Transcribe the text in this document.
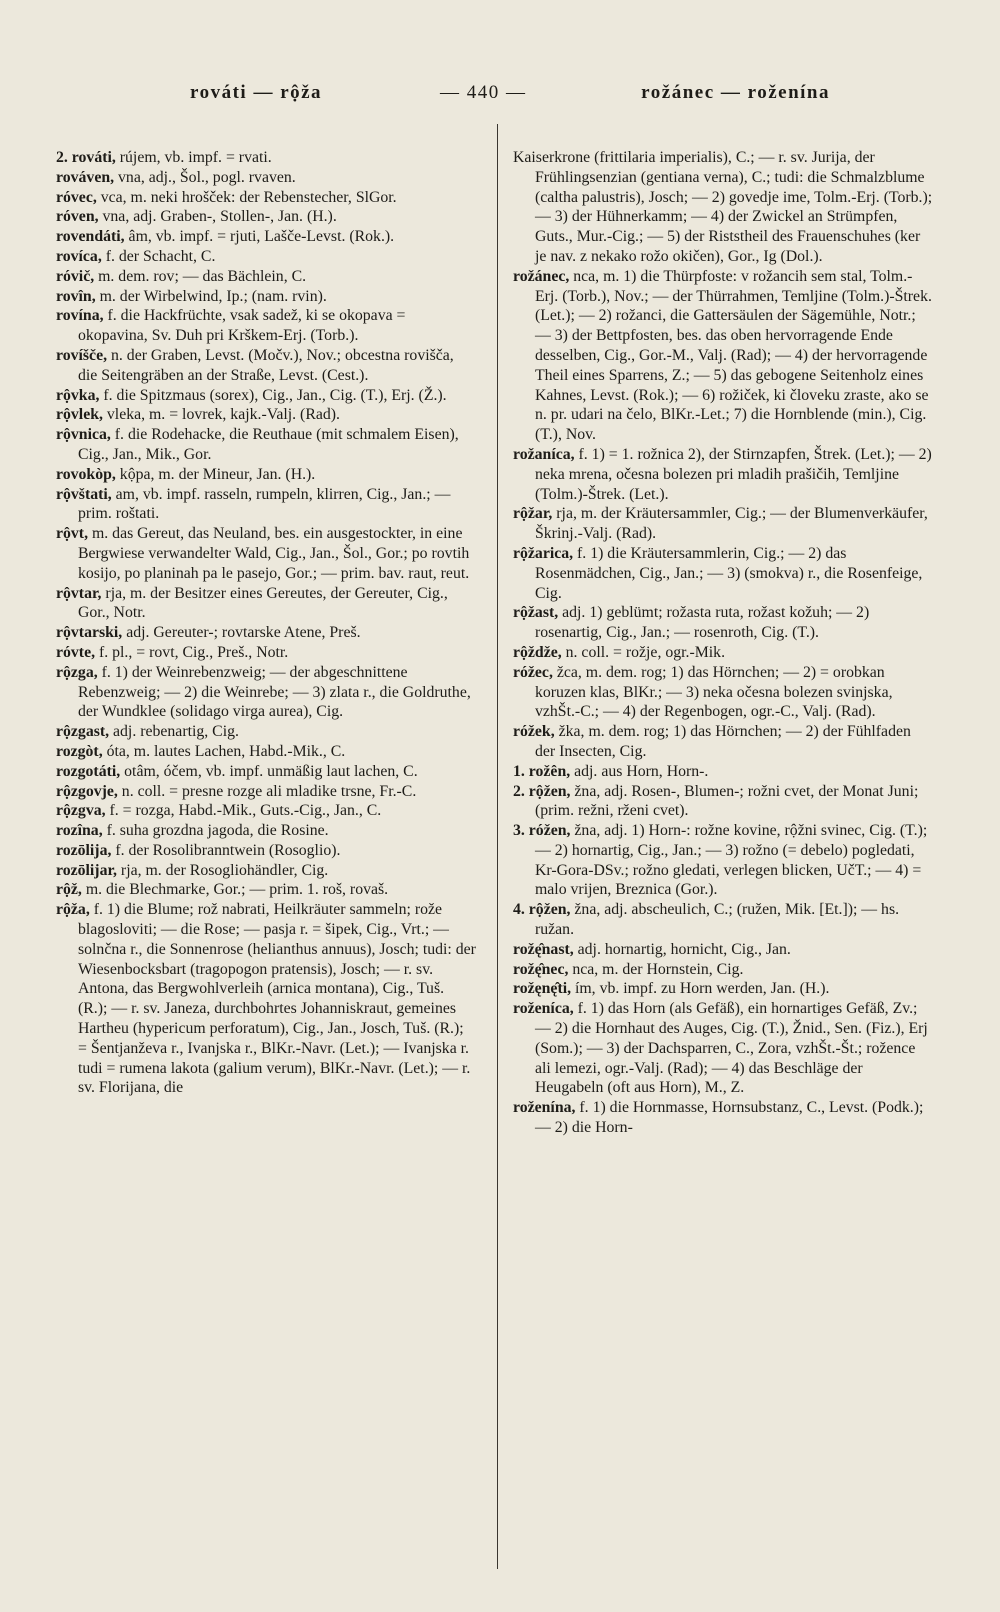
rováti — rộža	— 440 —	rožánec — roženína

2. rováti, rújem, vb. impf. = rvati.

rováven, vna, adj., Šol., pogl. rvaven.

róvec, vca, m. neki hrošček: der Rebenstecher, SlGor.

róven, vna, adj. Graben-, Stollen-, Jan. (H.).

rovendáti, âm, vb. impf. = rjuti, Lašče-Levst. (Rok.).

rovíca, f. der Schacht, C.

róvič, m. dem. rov; — das Bächlein, C.

rovîn, m. der Wirbelwind, Ip.; (nam. rvin).

rovína, f. die Hackfrüchte, vsak sadež, ki se okopava = okopavina, Sv. Duh pri Krškem-Erj. (Torb.).

rovíšče, n. der Graben, Levst. (Močv.), Nov.; obcestna rovišča, die Seitengräben an der Straße, Levst. (Cest.).

rộvka, f. die Spitzmaus (sorex), Cig., Jan., Cig. (T.), Erj. (Ž.).

rộvlek, vleka, m. = lovrek, kajk.-Valj. (Rad).

rộvnica, f. die Rodehacke, die Reuthaue (mit schmalem Eisen), Cig., Jan., Mik., Gor.

rovokòp, kộpa, m. der Mineur, Jan. (H.).

rộvštati, am, vb. impf. rasseln, rumpeln, klirren, Cig., Jan.; — prim. roštati.

rộvt, m. das Gereut, das Neuland, bes. ein ausgestockter, in eine Bergwiese verwandelter Wald, Cig., Jan., Šol., Gor.; po rovtih kosijo, po planinah pa le pasejo, Gor.; — prim. bav. raut, reut.

rộvtar, rja, m. der Besitzer eines Gereutes, der Gereuter, Cig., Gor., Notr.

rộvtarski, adj. Gereuter-; rovtarske Atene, Preš.

róvte, f. pl., = rovt, Cig., Preš., Notr.

rộzga, f. 1) der Weinrebenzweig; — der abgeschnittene Rebenzweig; — 2) die Weinrebe; — 3) zlata r., die Goldruthe, der Wundklee (solidago virga aurea), Cig.

rộzgast, adj. rebenartig, Cig.

rozgòt, óta, m. lautes Lachen, Habd.-Mik., C.

rozgotáti, otâm, óčem, vb. impf. unmäßig laut lachen, C.

rộzgovje, n. coll. = presne rozge ali mladike trsne, Fr.-C.

rộzgva, f. = rozga, Habd.-Mik., Guts.-Cig., Jan., C.

rozîna, f. suha grozdna jagoda, die Rosine.

rozōlija, f. der Rosolibranntwein (Rosoglio).

rozōlijar, rja, m. der Rosogliohändler, Cig.

rộž, m. die Blechmarke, Gor.; — prim. 1. roš, rovaš.

rộža, f. 1) die Blume; rož nabrati, Heilkräuter sammeln; rože blagosloviti; — die Rose; — pasja r. = šipek, Cig., Vrt.; — solnčna r., die Sonnenrose (helianthus annuus), Josch; tudi: der Wiesenbocksbart (tragopogon pratensis), Josch; — r. sv. Antona, das Bergwohlverleih (arnica montana), Cig., Tuš. (R.); — r. sv. Janeza, durchbohrtes Johanniskraut, gemeines Hartheu (hypericum perforatum), Cig., Jan., Josch, Tuš. (R.); = Šentjanževa r., Ivanjska r., BlKr.-Navr. (Let.); — Ivanjska r. tudi = rumena lakota (galium verum), BlKr.-Navr. (Let.); — r. sv. Florijana, die

Kaiserkrone (frittilaria imperialis), C.; — r. sv. Jurija, der Frühlingsenzian (gentiana verna), C.; tudi: die Schmalzblume (caltha palustris), Josch; — 2) govedje ime, Tolm.-Erj. (Torb.); — 3) der Hühnerkamm; — 4) der Zwickel an Strümpfen, Guts., Mur.-Cig.; — 5) der Riststheil des Frauenschuhes (ker je nav. z nekako rožo okičen), Gor., Ig (Dol.).

rožánec, nca, m. 1) die Thürpfoste: v rožancih sem stal, Tolm.-Erj. (Torb.), Nov.; — der Thürrahmen, Temljine (Tolm.)-Štrek. (Let.); — 2) rožanci, die Gattersäulen der Sägemühle, Notr.; — 3) der Bettpfosten, bes. das oben hervorragende Ende desselben, Cig., Gor.-M., Valj. (Rad); — 4) der hervorragende Theil eines Sparrens, Z.; — 5) das gebogene Seitenholz eines Kahnes, Levst. (Rok.); — 6) rožiček, ki človeku zraste, ako se n. pr. udari na čelo, BlKr.-Let.; 7) die Hornblende (min.), Cig. (T.), Nov.

rožaníca, f. 1) = 1. rožnica 2), der Stirnzapfen, Štrek. (Let.); — 2) neka mrena, očesna bolezen pri mladih prašičih, Temljine (Tolm.)-Štrek. (Let.).

rộžar, rja, m. der Kräutersammler, Cig.; — der Blumenverkäufer, Škrinj.-Valj. (Rad).

rộžarica, f. 1) die Kräutersammlerin, Cig.; — 2) das Rosenmädchen, Cig., Jan.; — 3) (smokva) r., die Rosenfeige, Cig.

rộžast, adj. 1) geblümt; rožasta ruta, rožast kožuh; — 2) rosenartig, Cig., Jan.; — rosenroth, Cig. (T.).

rộždže, n. coll. = rožje, ogr.-Mik.

róžec, žca, m. dem. rog; 1) das Hörnchen; — 2) = orobkan koruzen klas, BlKr.; — 3) neka očesna bolezen svinjska, vzhŠt.-C.; — 4) der Regenbogen, ogr.-C., Valj. (Rad).

róžek, žka, m. dem. rog; 1) das Hörnchen; — 2) der Fühlfaden der Insecten, Cig.

1. rožên, adj. aus Horn, Horn-.

2. rộžen, žna, adj. Rosen-, Blumen-; rožni cvet, der Monat Juni; (prim. režni, rženi cvet).

3. róžen, žna, adj. 1) Horn-: rožne kovine, rộžni svinec, Cig. (T.); — 2) hornartig, Cig., Jan.; — 3) rožno (= debelo) pogledati, Kr-Gora-DSv.; rožno gledati, verlegen blicken, UčT.; — 4) = malo vrijen, Breznica (Gor.).

4. rộžen, žna, adj. abscheulich, C.; (ružen, Mik. [Et.]); — hs. ružan.

rožę̂nast, adj. hornartig, hornicht, Cig., Jan.

rožę̂nec, nca, m. der Hornstein, Cig.

rožęnę̂ti, ím, vb. impf. zu Horn werden, Jan. (H.).

roženíca, f. 1) das Horn (als Gefäß), ein hornartiges Gefäß, Zv.; — 2) die Hornhaut des Auges, Cig. (T.), Žnid., Sen. (Fiz.), Erj (Som.); — 3) der Dachsparren, C., Zora, vzhŠt.-Št.; rožence ali lemezi, ogr.-Valj. (Rad); — 4) das Beschläge der Heugabeln (oft aus Horn), M., Z.

roženína, f. 1) die Hornmasse, Hornsubstanz, C., Levst. (Podk.); — 2) die Horn-
